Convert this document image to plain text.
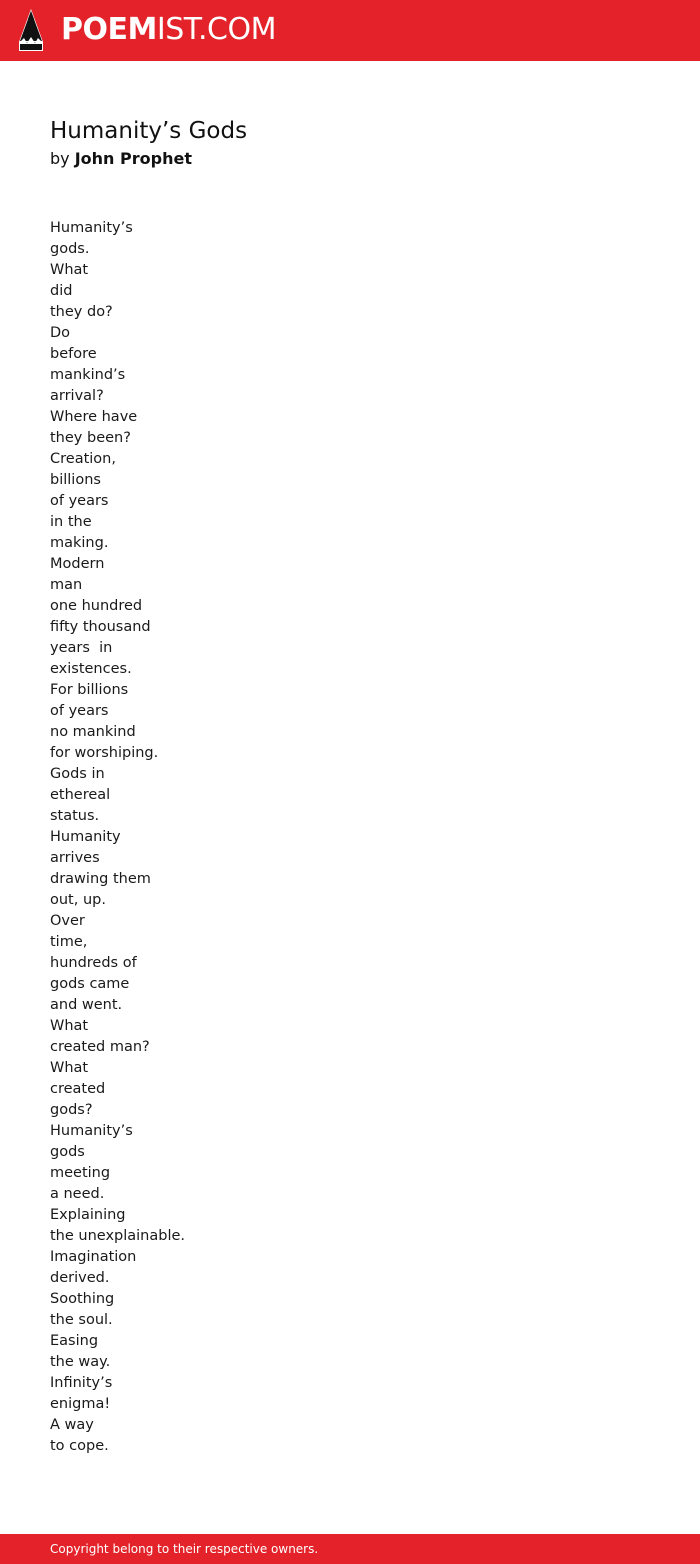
POEMIST.COM
Humanity’s Gods
by John Prophet
Humanity’s
gods.
What
did
they do?
Do
before
mankind’s
arrival?
Where have
they been?
Creation,
billions
of years
in the
making.
Modern
man
one hundred
fifty thousand
years  in
existences.
For billions
of years
no mankind
for worshiping.
Gods in
ethereal
status.
Humanity
arrives
drawing them
out, up.
Over
time,
hundreds of
gods came
and went.
What
created man?
What
created
gods?
Humanity’s
gods
meeting
a need.
Explaining
the unexplainable.
Imagination
derived.
Soothing
the soul.
Easing
the way.
Infinity’s
enigma!
A way
to cope.
Copyright belong to their respective owners.
